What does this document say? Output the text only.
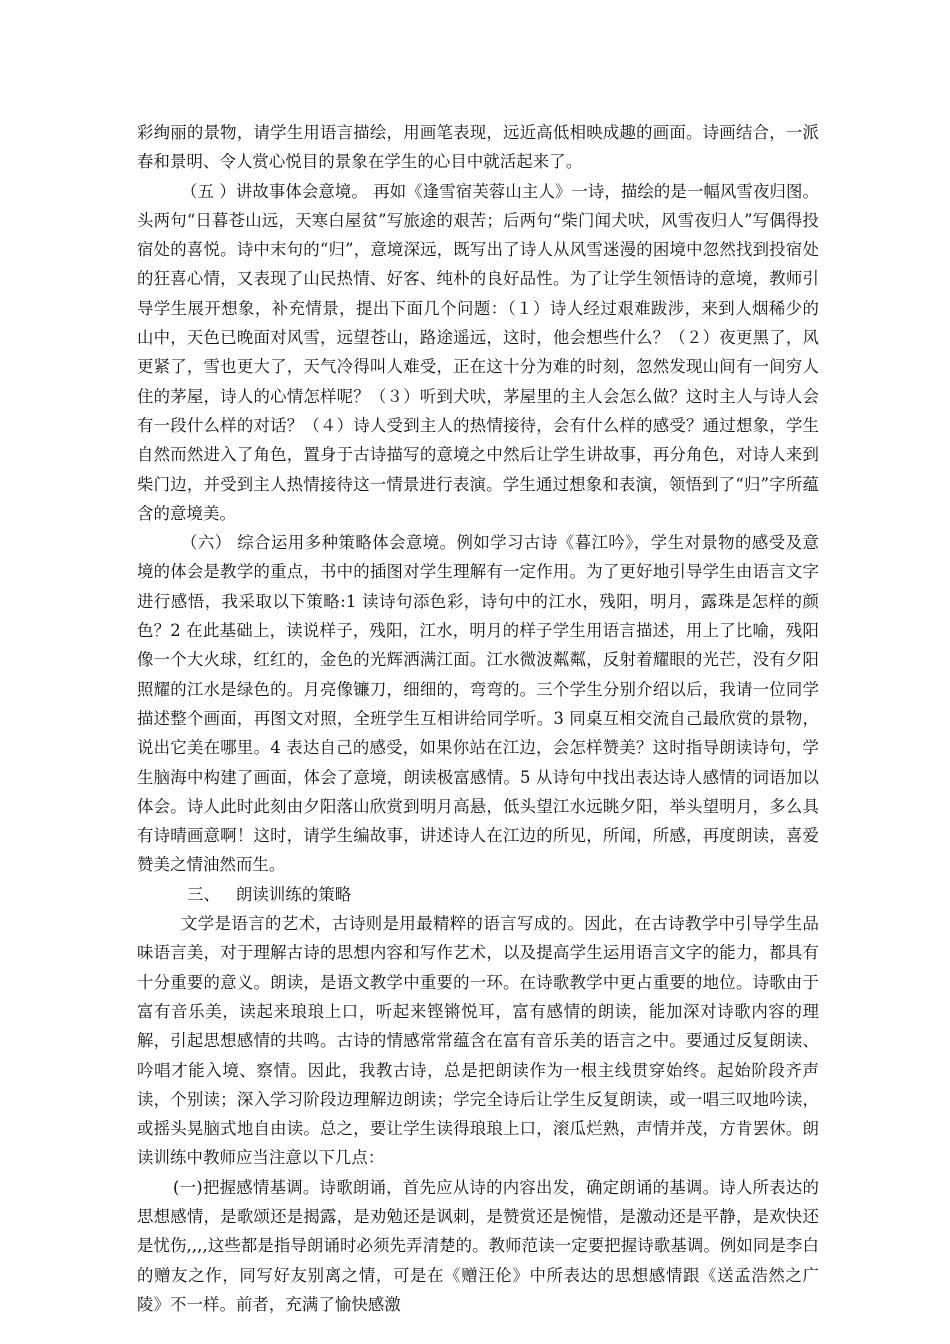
彩绚丽的景物，请学生用语言描绘，用画笔表现，远近高低相映成趣的画面。诗画结合，一派春和景明、令人赏心悦目的景象在学生的心目中就活起来了。

（五 ）讲故事体会意境。 再如《逢雪宿芙蓉山主人》一诗，描绘的是一幅风雪夜归图。头两句“日暮苍山远，天寒白屋贫”写旅途的艰苦；后两句“柴门闻犬吠，风雪夜归人”写偶得投宿处的喜悦。诗中末句的“归”，意境深远，既写出了诗人从风雪迷漫的困境中忽然找到投宿处的狂喜心情，又表现了山民热情、好客、纯朴的良好品性。为了让学生领悟诗的意境，教师引导学生展开想象，补充情景，提出下面几个问题：（１）诗人经过艰难跋涉，来到人烟稀少的山中，天色已晚面对风雪，远望苍山，路途遥远，这时，他会想些什么？（２）夜更黑了，风更紧了，雪也更大了，天气冷得叫人难受，正在这十分为难的时刻，忽然发现山间有一间穷人住的茅屋，诗人的心情怎样呢？（３）听到犬吠，茅屋里的主人会怎么做？这时主人与诗人会有一段什么样的对话？（４）诗人受到主人的热情接待，会有什么样的感受？通过想象，学生自然而然进入了角色，置身于古诗描写的意境之中然后让学生讲故事，再分角色，对诗人来到柴门边，并受到主人热情接待这一情景进行表演。学生通过想象和表演，领悟到了“归”字所蕴含的意境美。

（六） 综合运用多种策略体会意境。例如学习古诗《暮江吟》，学生对景物的感受及意境的体会是教学的重点，书中的插图对学生理解有一定作用。为了更好地引导学生由语言文字进行感悟，我采取以下策略:1 读诗句添色彩，诗句中的江水，残阳，明月，露珠是怎样的颜色？2 在此基础上，读说样子，残阳，江水，明月的样子学生用语言描述，用上了比喻，残阳像一个大火球，红红的，金色的光辉洒满江面。江水微波粼粼，反射着耀眼的光芒，没有夕阳照耀的江水是绿色的。月亮像镰刀，细细的，弯弯的。三个学生分别介绍以后，我请一位同学描述整个画面，再图文对照，全班学生互相讲给同学听。3 同桌互相交流自己最欣赏的景物，说出它美在哪里。4 表达自己的感受，如果你站在江边，会怎样赞美？这时指导朗读诗句，学生脑海中构建了画面，体会了意境，朗读极富感情。5 从诗句中找出表达诗人感情的词语加以体会。诗人此时此刻由夕阳落山欣赏到明月高悬，低头望江水远眺夕阳，举头望明月，多么具有诗晴画意啊！这时，请学生编故事，讲述诗人在江边的所见，所闻，所感，再度朗读，喜爱赞美之情油然而生。

三、   朗读训练的策略

文学是语言的艺术，古诗则是用最精粹的语言写成的。因此，在古诗教学中引导学生品味语言美，对于理解古诗的思想内容和写作艺术，以及提高学生运用语言文字的能力，都具有十分重要的意义。朗读，是语文教学中重要的一环。在诗歌教学中更占重要的地位。诗歌由于富有音乐美，读起来琅琅上口，听起来铿锵悦耳，富有感情的朗读，能加深对诗歌内容的理解，引起思想感情的共鸣。古诗的情感常常蕴含在富有音乐美的语言之中。要通过反复朗读、吟唱才能入境、察情。因此，我教古诗，总是把朗读作为一根主线贯穿始终。起始阶段齐声读，个别读；深入学习阶段边理解边朗读；学完全诗后让学生反复朗读，或一唱三叹地吟读，或摇头晃脑式地自由读。总之，要让学生读得琅琅上口，滚瓜烂熟，声情并茂，方肯罢休。朗读训练中教师应当注意以下几点：

(一)把握感情基调。诗歌朗诵，首先应从诗的内容出发，确定朗诵的基调。诗人所表达的思想感情，是歌颂还是揭露，是劝勉还是讽刺，是赞赏还是惋惜，是激动还是平静，是欢快还是忧伤,,,,这些都是指导朗诵时必须先弄清楚的。教师范读一定要把握诗歌基调。例如同是李白的赠友之作，同写好友别离之情，可是在《赠汪伦》中所表达的思想感情跟《送孟浩然之广陵》不一样。前者，充满了愉快感激
